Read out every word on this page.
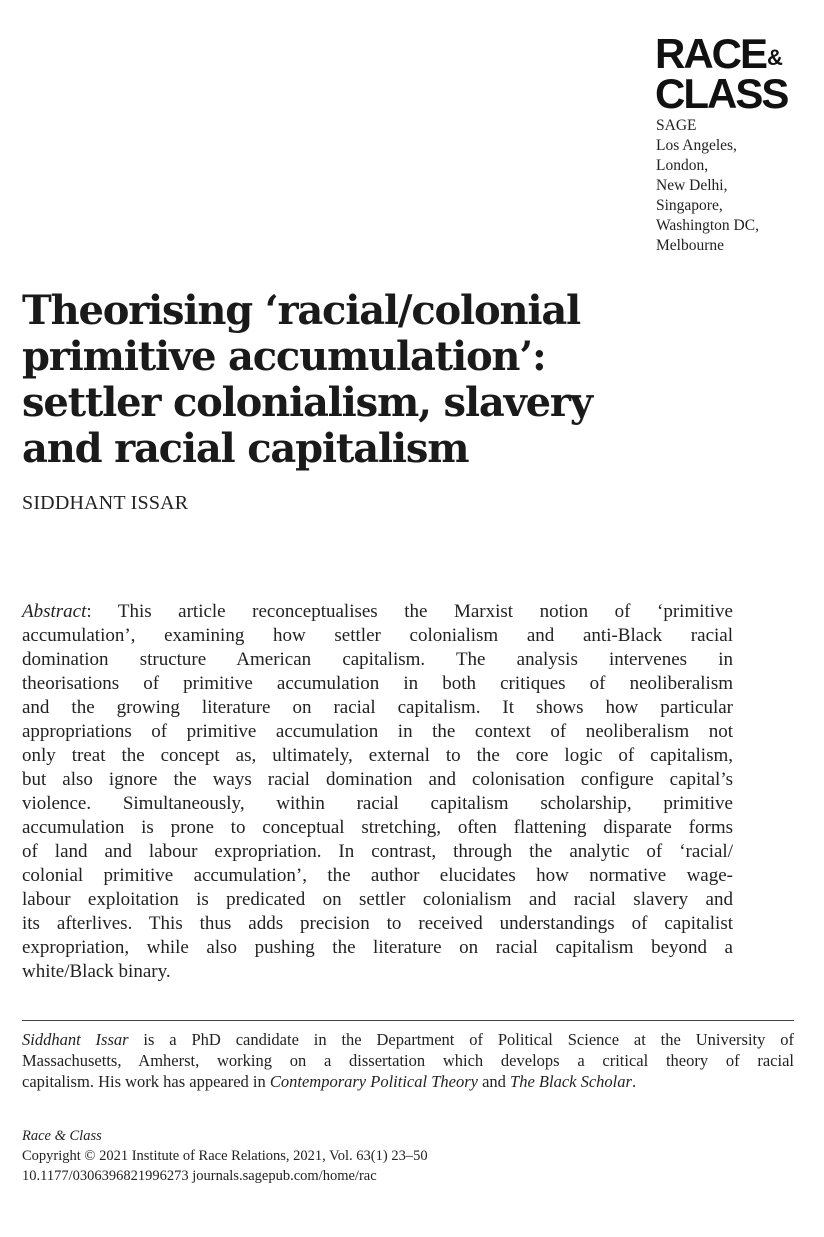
RACE&
CLASS
SAGE
Los Angeles,
London,
New Delhi,
Singapore,
Washington DC,
Melbourne
Theorising ‘racial/colonial
primitive accumulation’:
settler colonialism, slavery
and racial capitalism
SIDDHANT ISSAR
Abstract: This article reconceptualises the Marxist notion of ‘primitive
accumulation’, examining how settler colonialism and anti-Black racial
domination structure American capitalism. The analysis intervenes in
theorisations of primitive accumulation in both critiques of neoliberalism
and the growing literature on racial capitalism. It shows how particular
appropriations of primitive accumulation in the context of neoliberalism not
only treat the concept as, ultimately, external to the core logic of capitalism,
but also ignore the ways racial domination and colonisation configure capital’s
violence. Simultaneously, within racial capitalism scholarship, primitive
accumulation is prone to conceptual stretching, often flattening disparate forms
of land and labour expropriation. In contrast, through the analytic of ‘racial/
colonial primitive accumulation’, the author elucidates how normative wage-
labour exploitation is predicated on settler colonialism and racial slavery and
its afterlives. This thus adds precision to received understandings of capitalist
expropriation, while also pushing the literature on racial capitalism beyond a
white/Black binary.
Siddhant Issar is a PhD candidate in the Department of Political Science at the University of
Massachusetts, Amherst, working on a dissertation which develops a critical theory of racial
capitalism. His work has appeared in Contemporary Political Theory and The Black Scholar.
Race & Class
Copyright © 2021 Institute of Race Relations, 2021, Vol. 63(1) 23–50
10.1177/0306396821996273 journals.sagepub.com/home/rac
